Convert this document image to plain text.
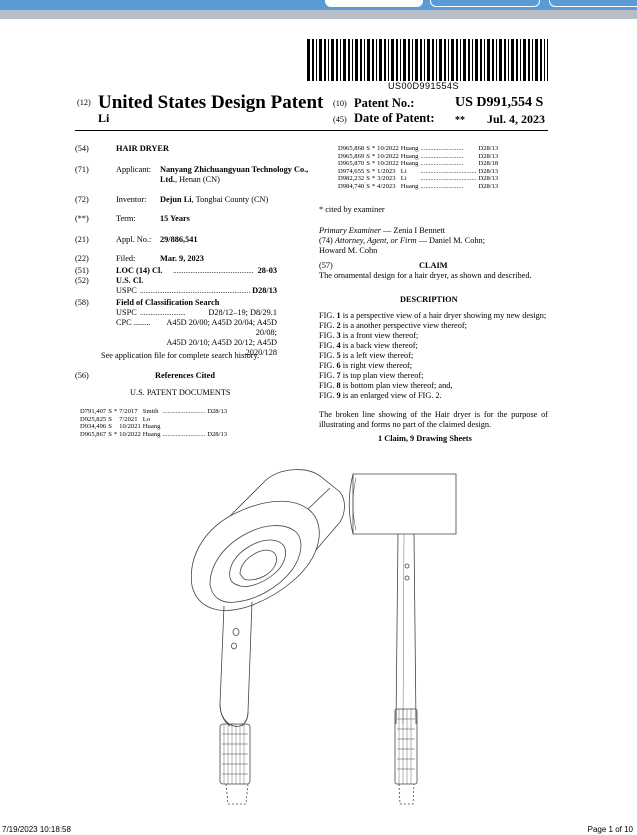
US00D991554S
(12) United States Design Patent
Li
(10) Patent No.:	US D991,554 S
(45) Date of Patent: ** Jul. 4, 2023
(54)	HAIR DRYER
(71)	Applicant: Nanyang Zhichuangyuan Technology Co., Ltd., Henan (CN)
(72)	Inventor: Dejun Li, Tongbai County (CN)
(**)	Term:	15 Years
(21)	Appl. No.: 29/886,541
(22)	Filed:	Mar. 9, 2023
(51)	LOC (14) Cl. .............................................. 28-03
(52)	U.S. Cl.
USPC ............................................................... D28/13
(58)	Field of Classification Search
USPC ..........................	D28/12–19; D8/29.1
CPC ........	A45D 20/00; A45D 20/04; A45D 20/08;
A45D 20/10; A45D 20/12; A45D
2020/128
See application file for complete search history.
(56)	References Cited
U.S. PATENT DOCUMENTS
D791,407	S	*	7/2017	Smith	..........................	D28/13
D925,825	S		7/2021	Lo		
D934,496	S		10/2021	Huang		
D965,867	S	*	10/2022	Huang	..........................	D28/13
D965,868	S	*	10/2022	Huang	..........................	D28/13
D965,869	S	*	10/2022	Huang	..........................	D28/13
D965,870	S	*	10/2022	Huang	..........................	D28/18
D974,655	S	*	1/2023	Li	..................................	D28/13
D982,232	S	*	3/2023	Li	..................................	D28/13
D984,740	S	*	4/2023	Huang	..........................	D28/13
* cited by examiner
Primary Examiner — Zenia I Bennett
(74) Attorney, Agent, or Firm — Daniel M. Cohn;
Howard M. Cohn
(57)	CLAIM
The ornamental design for a hair dryer, as shown and described.
DESCRIPTION
FIG. 1 is a perspective view of a hair dryer showing my new design;
FIG. 2 is a another perspective view thereof;
FIG. 3 is a front view thereof;
FIG. 4 is a back view thereof;
FIG. 5 is a left view thereof;
FIG. 6 is right view thereof;
FIG. 7 is top plan view thereof;
FIG. 8 is bottom plan view thereof; and,
FIG. 9 is an enlarged view of FIG. 2.
The broken line showing of the Hair dryer is for the purpose of illustrating and forms no part of the claimed design.
1 Claim, 9 Drawing Sheets
7/19/2023 10:18:58	Page 1 of 10
